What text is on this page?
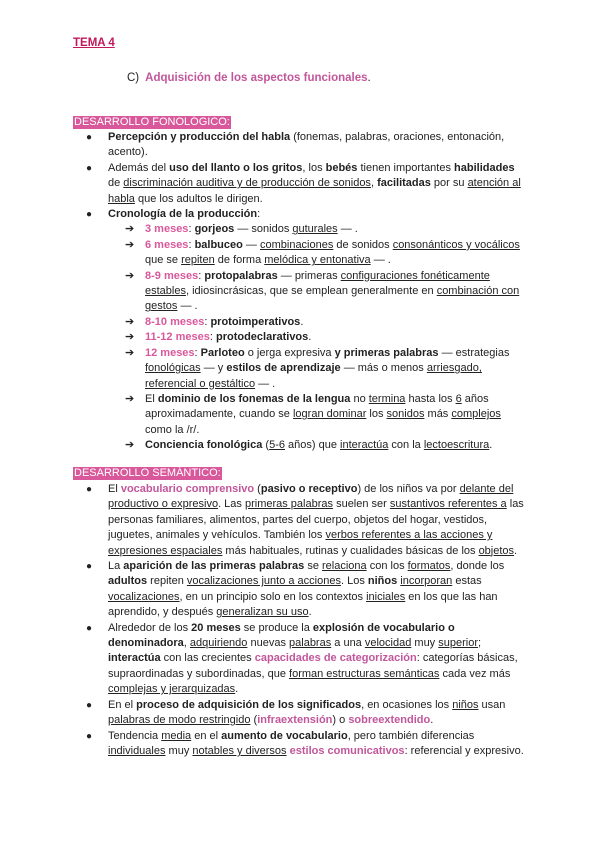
TEMA 4
C) Adquisición de los aspectos funcionales.
DESARROLLO FONOLÓGICO:
● Percepción y producción del habla (fonemas, palabras, oraciones, entonación, acento).
● Además del uso del llanto o los gritos, los bebés tienen importantes habilidades de discriminación auditiva y de producción de sonidos, facilitadas por su atención al habla que los adultos le dirigen.
● Cronología de la producción:
➔ 3 meses: gorjeos — sonidos guturales — .
➔ 6 meses: balbuceo — combinaciones de sonidos consonánticos y vocálicos que se repiten de forma melódica y entonativa — .
➔ 8-9 meses: protopalabras — primeras configuraciones fonéticamente estables, idiosincrásicas, que se emplean generalmente en combinación con gestos — .
➔ 8-10 meses: protoimperativos.
➔ 11-12 meses: protodeclarativos.
➔ 12 meses: Parloteo o jerga expresiva y primeras palabras — estrategias fonológicas — y estilos de aprendizaje — más o menos arriesgado, referencial o gestáltico — .
➔ El dominio de los fonemas de la lengua no termina hasta los 6 años aproximadamente, cuando se logran dominar los sonidos más complejos como la /r/.
➔ Conciencia fonológica (5-6 años) que interactúa con la lectoescritura.
DESARROLLO SEMÁNTICO:
● El vocabulario comprensivo (pasivo o receptivo) de los niños va por delante del productivo o expresivo. Las primeras palabras suelen ser sustantivos referentes a las personas familiares, alimentos, partes del cuerpo, objetos del hogar, vestidos, juguetes, animales y vehículos. También los verbos referentes a las acciones y expresiones espaciales más habituales, rutinas y cualidades básicas de los objetos.
● La aparición de las primeras palabras se relaciona con los formatos, donde los adultos repiten vocalizaciones junto a acciones. Los niños incorporan estas vocalizaciones, en un principio solo en los contextos iniciales en los que las han aprendido, y después generalizan su uso.
● Alrededor de los 20 meses se produce la explosión de vocabulario o denominadora, adquiriendo nuevas palabras a una velocidad muy superior; interactúa con las crecientes capacidades de categorización: categorías básicas, supraordinadas y subordinadas, que forman estructuras semánticas cada vez más complejas y jerarquizadas.
● En el proceso de adquisición de los significados, en ocasiones los niños usan palabras de modo restringido (infraextensión) o sobreextendido.
● Tendencia media en el aumento de vocabulario, pero también diferencias individuales muy notables y diversos estilos comunicativos: referencial y expresivo.
